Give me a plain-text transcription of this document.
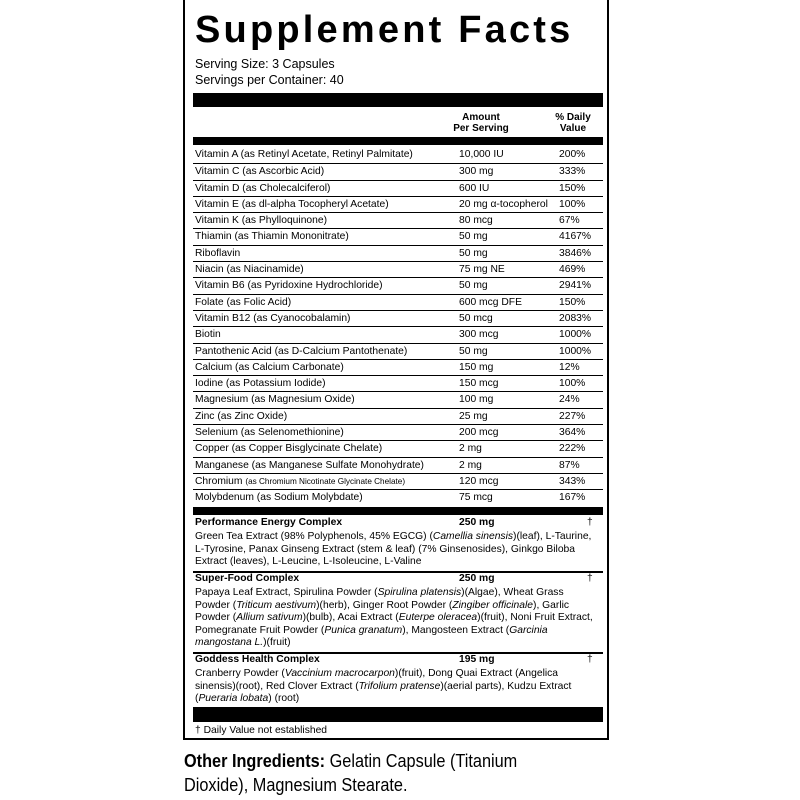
Supplement Facts
Serving Size: 3 Capsules
Servings per Container: 40
Amount
Per Serving
% Daily
Value
Vitamin A (as Retinyl Acetate, Retinyl Palmitate)	10,000 IU	200%
Vitamin C (as Ascorbic Acid)	300 mg	333%
Vitamin D (as Cholecalciferol)	600 IU	150%
Vitamin E (as dl-alpha Tocopheryl Acetate)	20 mg α-tocopherol 100%
Vitamin K (as Phylloquinone)	80 mcg	67%
Thiamin (as Thiamin Mononitrate)	50 mg	4167%
Riboflavin	50 mg	3846%
Niacin (as Niacinamide)	75 mg NE	469%
Vitamin B6 (as Pyridoxine Hydrochloride)	50 mg	2941%
Folate (as Folic Acid)	600 mcg DFE	150%
Vitamin B12 (as Cyanocobalamin)	50 mcg	2083%
Biotin	300 mcg	1000%
Pantothenic Acid (as D-Calcium Pantothenate)	50 mg	1000%
Calcium (as Calcium Carbonate)	150 mg	12%
Iodine (as Potassium Iodide)	150 mcg	100%
Magnesium (as Magnesium Oxide)	100 mg	24%
Zinc (as Zinc Oxide)	25 mg	227%
Selenium (as Selenomethionine)	200 mcg	364%
Copper (as Copper Bisglycinate Chelate)	2 mg	222%
Manganese (as Manganese Sulfate Monohydrate)	2 mg	87%
Chromium (as Chromium Nicotinate Glycinate Chelate)	120 mcg	343%
Molybdenum (as Sodium Molybdate)	75 mcg	167%
Performance Energy Complex	250 mg	†
Green Tea Extract (98% Polyphenols, 45% EGCG) (Camellia sinensis)(leaf), L-Taurine, L-Tyrosine, Panax Ginseng Extract (stem & leaf) (7% Ginsenosides), Ginkgo Biloba Extract (leaves), L-Leucine, L-Isoleucine, L-Valine
Super-Food Complex	250 mg	†
Papaya Leaf Extract, Spirulina Powder (Spirulina platensis)(Algae), Wheat Grass Powder (Triticum aestivum)(herb), Ginger Root Powder (Zingiber officinale), Garlic Powder (Allium sativum)(bulb), Acai Extract (Euterpe oleracea)(fruit), Noni Fruit Extract, Pomegranate Fruit Powder (Punica granatum), Mangosteen Extract (Garcinia mangostana L.)(fruit)
Goddess Health Complex	195 mg	†
Cranberry Powder (Vaccinium macrocarpon)(fruit), Dong Quai Extract (Angelica sinensis)(root), Red Clover Extract (Trifolium pratense)(aerial parts), Kudzu Extract (Pueraria lobata) (root)
† Daily Value not established
Other Ingredients: Gelatin Capsule (Titanium Dioxide), Magnesium Stearate.
